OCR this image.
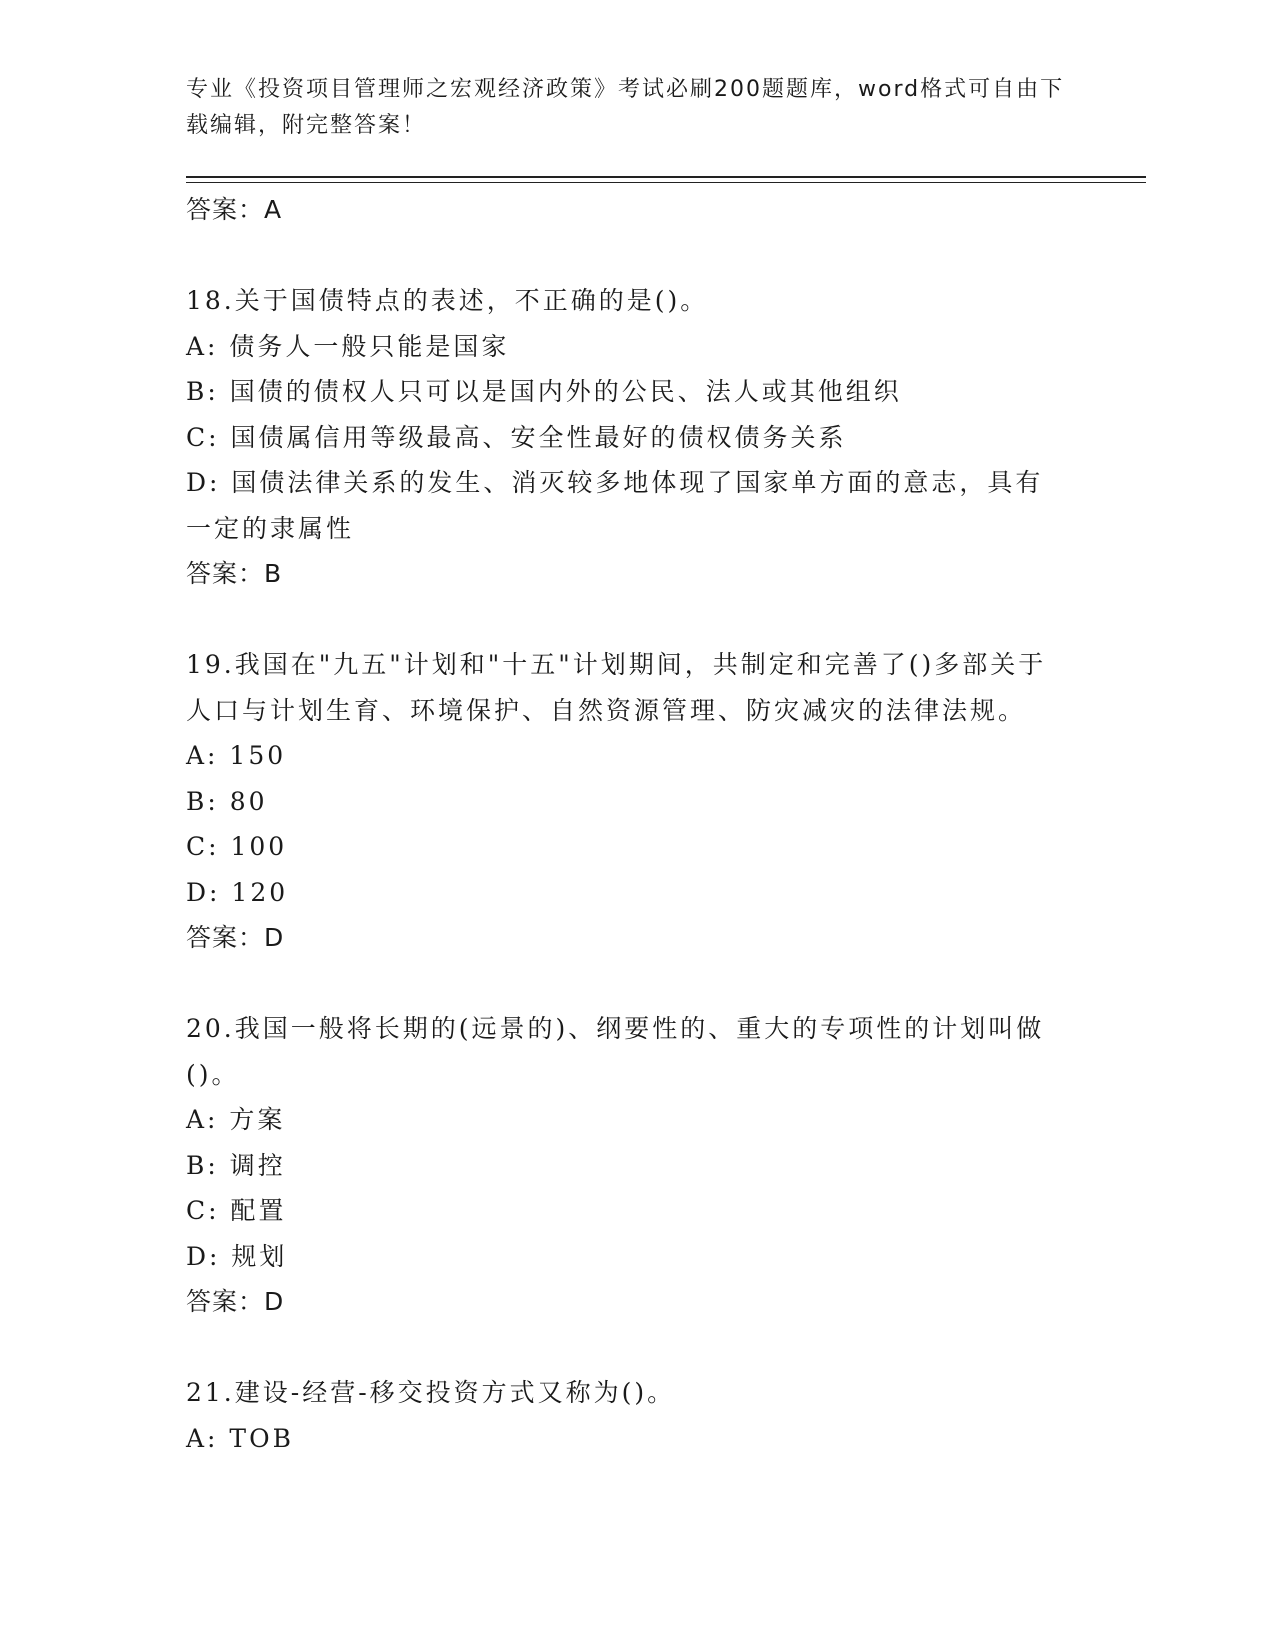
专业《投资项目管理师之宏观经济政策》考试必刷200题题库，word格式可自由下载编辑，附完整答案！
答案：A
18.关于国债特点的表述，不正确的是()。
A: 债务人一般只能是国家
B: 国债的债权人只可以是国内外的公民、法人或其他组织
C: 国债属信用等级最高、安全性最好的债权债务关系
D: 国债法律关系的发生、消灭较多地体现了国家单方面的意志，具有一定的隶属性
答案：B
19.我国在"九五"计划和"十五"计划期间，共制定和完善了()多部关于人口与计划生育、环境保护、自然资源管理、防灾减灾的法律法规。
A: 150
B: 80
C: 100
D: 120
答案：D
20.我国一般将长期的(远景的)、纲要性的、重大的专项性的计划叫做()。
A: 方案
B: 调控
C: 配置
D: 规划
答案：D
21.建设-经营-移交投资方式又称为()。
A: TOB
